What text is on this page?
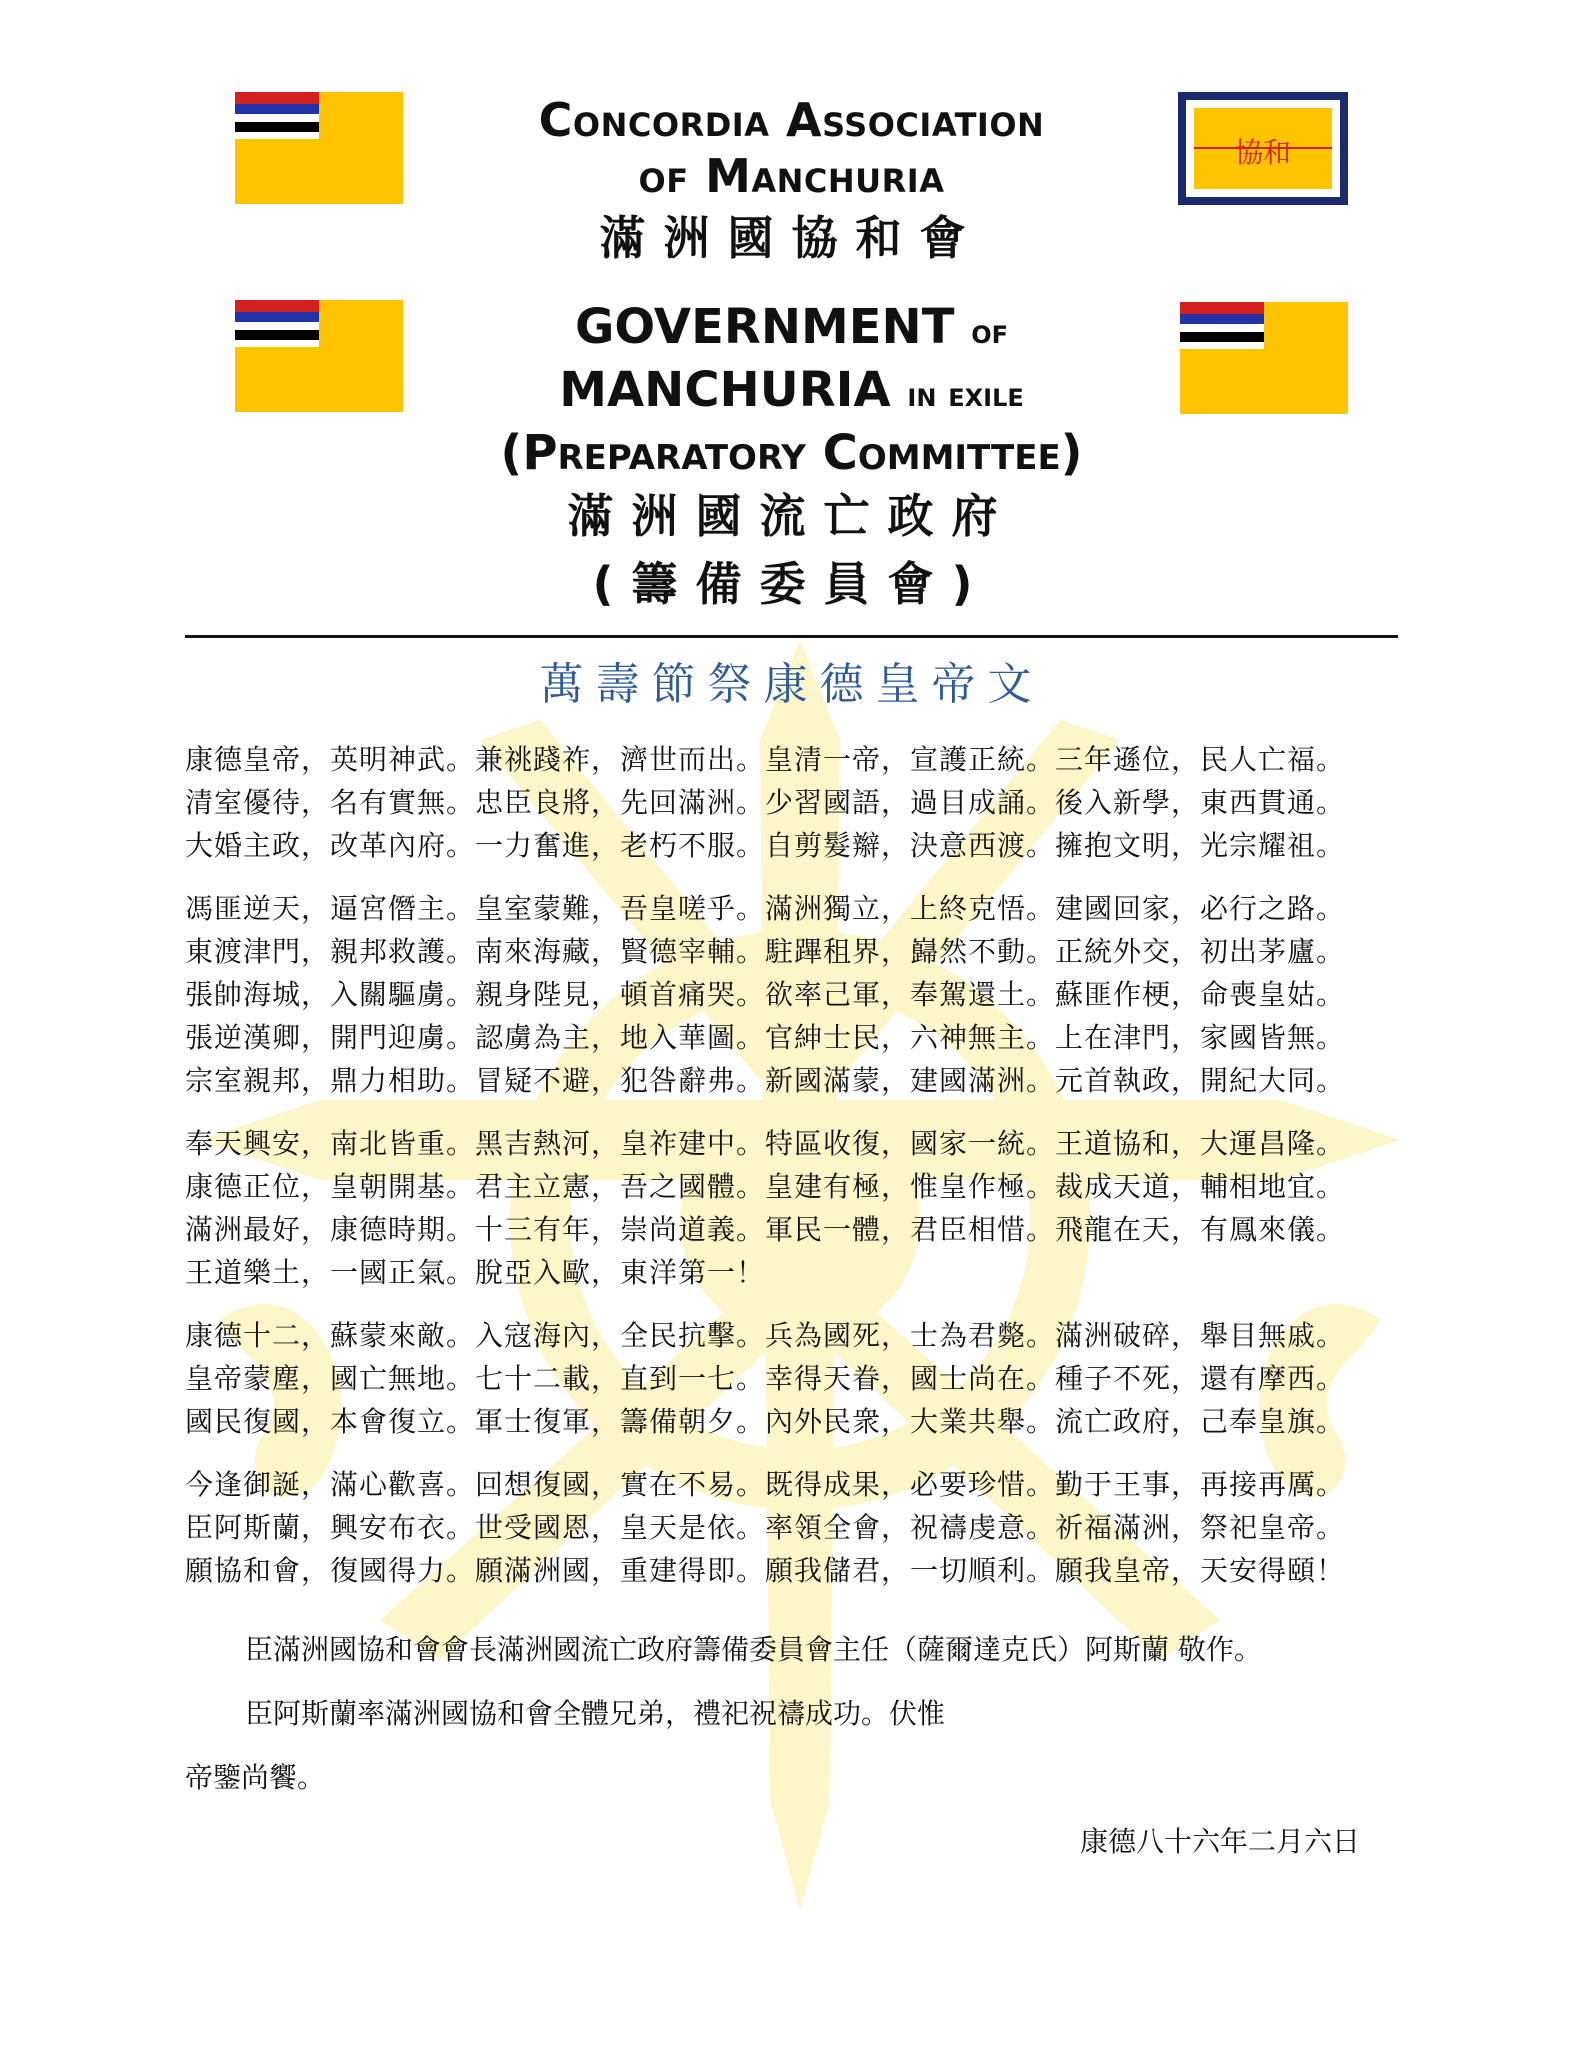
協和
Concordia Association
of Manchuria
滿洲國協和會
GOVERNMENT of
MANCHURIA in exile
(Preparatory Committee)
滿洲國流亡政府
(籌備委員會)
萬壽節祭康德皇帝文
康德皇帝，英明神武。兼祧踐祚，濟世而出。皇清一帝，宣護正統。三年遜位，民人亡福。
清室優待，名有實無。忠臣良將，先回滿洲。少習國語，過目成誦。後入新學，東西貫通。
大婚主政，改革內府。一力奮進，老朽不服。自剪髮辮，決意西渡。擁抱文明，光宗耀祖。
馮匪逆天，逼宮僭主。皇室蒙難，吾皇嗟乎。滿洲獨立，上終克悟。建國回家，必行之路。
東渡津門，親邦救護。南來海藏，賢德宰輔。駐蹕租界，巋然不動。正統外交，初出茅廬。
張帥海城，入關驅虜。親身陛見，頓首痛哭。欲率己軍，奉駕還土。蘇匪作梗，命喪皇姑。
張逆漢卿，開門迎虜。認虜為主，地入華圖。官紳士民，六神無主。上在津門，家國皆無。
宗室親邦，鼎力相助。冒疑不避，犯咎辭弗。新國滿蒙，建國滿洲。元首執政，開紀大同。
奉天興安，南北皆重。黑吉熱河，皇祚建中。特區收復，國家一統。王道協和，大運昌隆。
康德正位，皇朝開基。君主立憲，吾之國體。皇建有極，惟皇作極。裁成天道，輔相地宜。
滿洲最好，康德時期。十三有年，崇尚道義。軍民一體，君臣相惜。飛龍在天，有鳳來儀。
王道樂土，一國正氣。脫亞入歐，東洋第一！
康德十二，蘇蒙來敵。入寇海內，全民抗擊。兵為國死，士為君斃。滿洲破碎，舉目無戚。
皇帝蒙塵，國亡無地。七十二載，直到一七。幸得天眷，國士尚在。種子不死，還有摩西。
國民復國，本會復立。軍士復軍，籌備朝夕。內外民衆，大業共舉。流亡政府，己奉皇旗。
今逢御誕，滿心歡喜。回想復國，實在不易。既得成果，必要珍惜。勤于王事，再接再厲。
臣阿斯蘭，興安布衣。世受國恩，皇天是依。率領全會，祝禱虔意。祈福滿洲，祭祀皇帝。
願協和會，復國得力。願滿洲國，重建得即。願我儲君，一切順利。願我皇帝，天安得頤！
臣滿洲國協和會會長滿洲國流亡政府籌備委員會主任（薩爾達克氏）阿斯蘭 敬作。
臣阿斯蘭率滿洲國協和會全體兄弟，禮祀祝禱成功。伏惟
帝鑒尚饗。
康德八十六年二月六日
